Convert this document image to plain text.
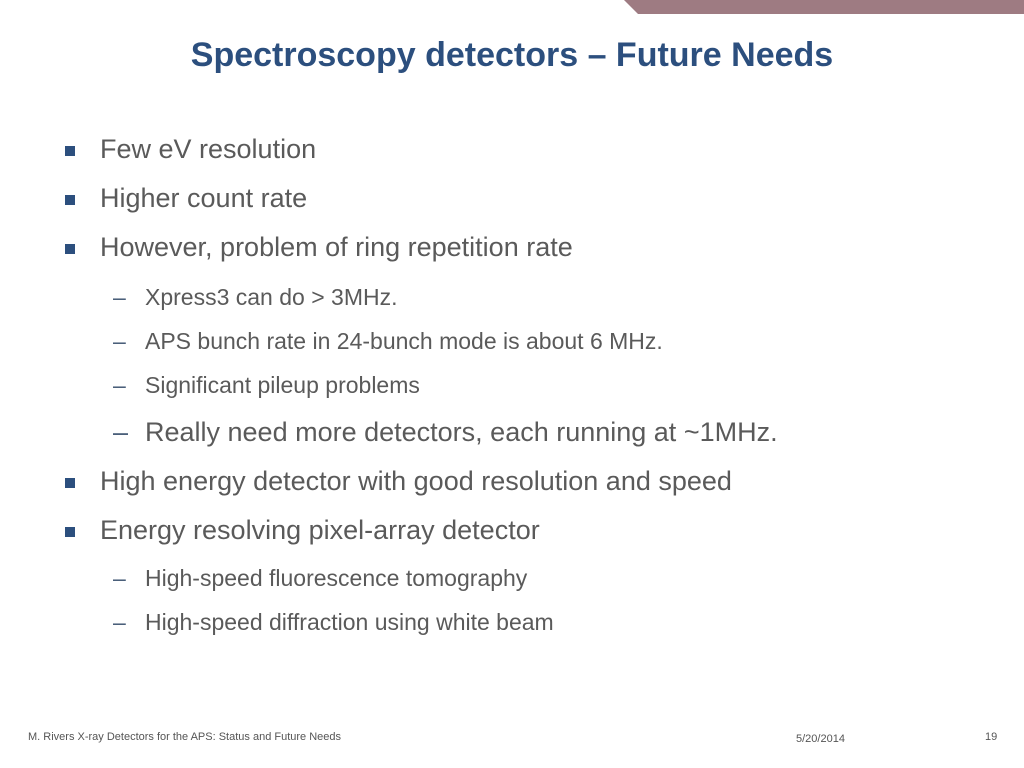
Spectroscopy detectors – Future Needs
Few eV resolution
Higher count rate
However, problem of ring repetition rate
– Xpress3 can do > 3MHz.
– APS bunch rate in 24-bunch mode is about 6 MHz.
– Significant pileup problems
– Really need more detectors, each running at ~1MHz.
High energy detector with good resolution and speed
Energy resolving pixel-array detector
– High-speed fluorescence tomography
– High-speed diffraction using white beam
M. Rivers X-ray Detectors for the APS: Status and Future Needs	5/20/2014	19
